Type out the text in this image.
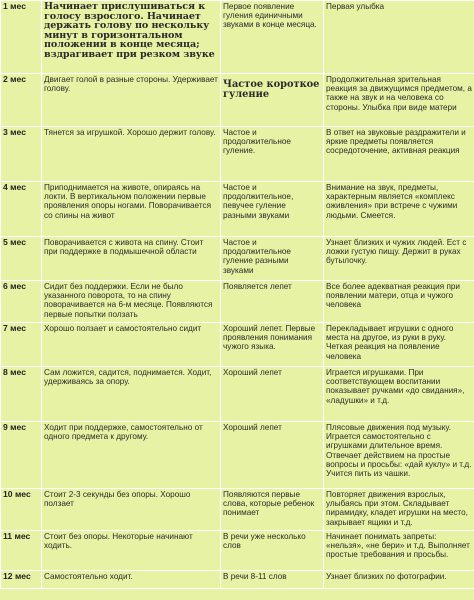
1 мес	Начинает прислушиваться к голосу взрослого. Начинает держать голову по нескольку минут в горизонтальном положении в конце месяца; вздрагивает при резком звуке	Первое появление гуления единичными звуками в конце месяца.	Первая улыбка
2 мес	Двигает голой в разные стороны. Удерживает голову.	Частое короткое гуление	Продолжительная зрительная реакция за движущимся предметом, а также на звук и на человека со стороны. Улыбка при виде матери
3 мес	Тянется за игрушкой. Хорошо держит голову.	Частое и продолжительное гуление.	В ответ на звуковые раздражители и яркие предметы появляется сосредоточение, активная реакция
4 мес	Приподнимается на животе, опираясь на локти. В вертикальном положении первые проявления опоры ногами. Поворачивается со спины на живот	Частое и продолжительное, певучее гуление разными звуками	Внимание на звук, предметы, характерным является «комплекс оживления» при встрече с чужими людьми. Смеется.
5 мес	Поворачивается с живота на спину. Стоит при поддержке в подмышечной области	Частое и продолжительное гуление разными звуками	Узнает близких и чужих людей. Ест с ложки густую пищу. Держит в руках бутылочку.
6 мес	Сидит без поддержки. Если не было указанного поворота, то на спину поворачивается на 6-м месяце. Появляются первые попытки ползать	Появляется лепет	Все более адекватная реакция при появлении матери, отца и чужого человека
7 мес	Хорошо ползает и самостоятельно сидит	Хороший лепет. Первые проявления понимания чужого языка.	Перекладывает игрушки с одного места на другое, из руки в руку. Четкая реакция на появление человека
8 мес	Сам ложится, садится, поднимается. Ходит, удерживаясь за опору.	Хороший лепет	Играется игрушками. При соответствующем воспитании показывает ручками «до свидания», «ладушки» и т.д.
9 мес	Ходит при поддержке, самостоятельно от одного предмета к другому.	Хороший лепет	Плясовые движения под музыку. Играется самостоятельно с игрушками длительное время. Отвечает действием на простые вопросы и просьбы: «дай куклу» и т.д. Учится пить из чашки.
10 мес	Стоит 2-3 секунды без опоры. Хорошо ползает	Появляются первые слова, которые ребенок понимает	Повторяет движения взрослых, улыбаясь при этом. Складывает пирамидку, кладет игрушки на место, закрывает ящики и т.д.
11 мес	Стоит без опоры. Некоторые начинают ходить.	В речи уже несколько слов	Начинает понимать запреты: «нельзя», «не бери» и т.д. Выполняет простые требования и просьбы.
12 мес	Самостоятельно ходит.	В речи 8-11 слов	Узнает близких по фотографии.
